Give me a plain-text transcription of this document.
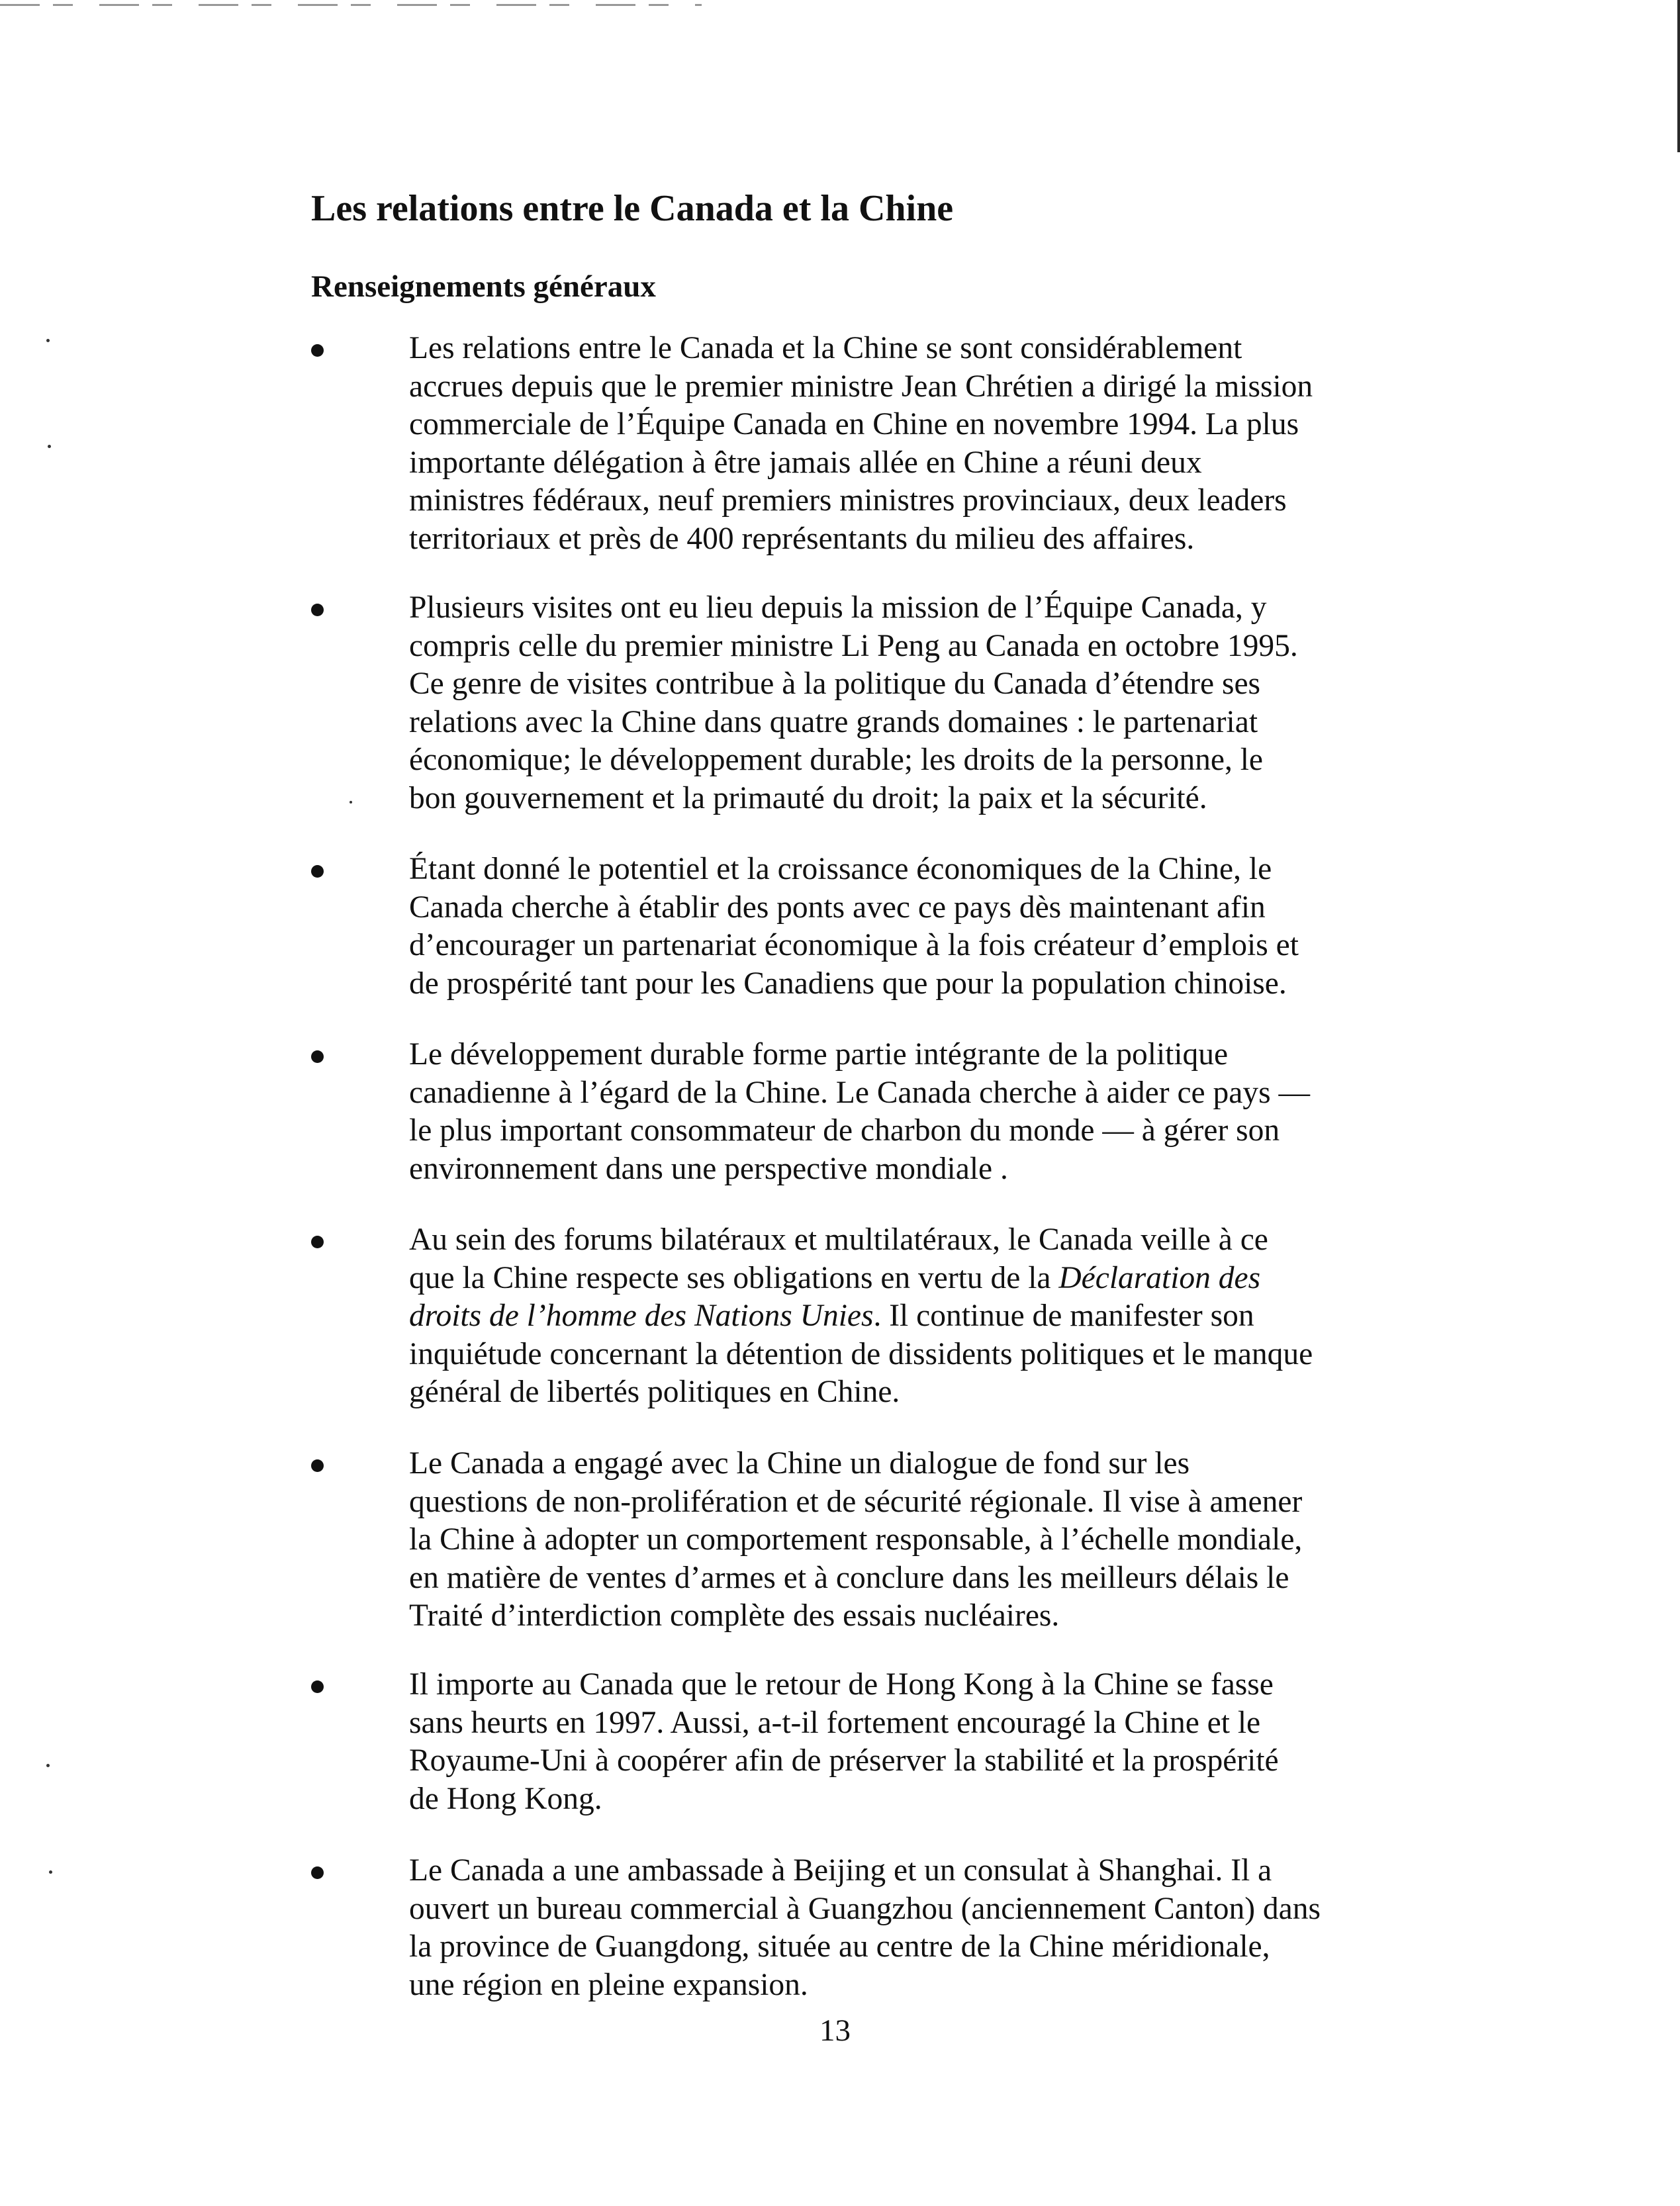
Les relations entre le Canada et la Chine
Renseignements généraux
Les relations entre le Canada et la Chine se sont considérablement
accrues depuis que le premier ministre Jean Chrétien a dirigé la mission
commerciale de l’Équipe Canada en Chine en novembre 1994. La plus
importante délégation à être jamais allée en Chine a réuni deux
ministres fédéraux, neuf premiers ministres provinciaux, deux leaders
territoriaux et près de 400 représentants du milieu des affaires.
Plusieurs visites ont eu lieu depuis la mission de l’Équipe Canada, y
compris celle du premier ministre Li Peng au Canada en octobre 1995.
Ce genre de visites contribue à la politique du Canada d’étendre ses
relations avec la Chine dans quatre grands domaines : le partenariat
économique; le développement durable; les droits de la personne, le
bon gouvernement et la primauté du droit; la paix et la sécurité.
Étant donné le potentiel et la croissance économiques de la Chine, le
Canada cherche à établir des ponts avec ce pays dès maintenant afin
d’encourager un partenariat économique à la fois créateur d’emplois et
de prospérité tant pour les Canadiens que pour la population chinoise.
Le développement durable forme partie intégrante de la politique
canadienne à l’égard de la Chine. Le Canada cherche à aider ce pays —
le plus important consommateur de charbon du monde — à gérer son
environnement dans une perspective mondiale .
Au sein des forums bilatéraux et multilatéraux, le Canada veille à ce
que la Chine respecte ses obligations en vertu de la Déclaration des
droits de l’homme des Nations Unies. Il continue de manifester son
inquiétude concernant la détention de dissidents politiques et le manque
général de libertés politiques en Chine.
Le Canada a engagé avec la Chine un dialogue de fond sur les
questions de non-prolifération et de sécurité régionale. Il vise à amener
la Chine à adopter un comportement responsable, à l’échelle mondiale,
en matière de ventes d’armes et à conclure dans les meilleurs délais le
Traité d’interdiction complète des essais nucléaires.
Il importe au Canada que le retour de Hong Kong à la Chine se fasse
sans heurts en 1997. Aussi, a-t-il fortement encouragé la Chine et le
Royaume-Uni à coopérer afin de préserver la stabilité et la prospérité
de Hong Kong.
Le Canada a une ambassade à Beijing et un consulat à Shanghai. Il a
ouvert un bureau commercial à Guangzhou (anciennement Canton) dans
la province de Guangdong, située au centre de la Chine méridionale,
une région en pleine expansion.
13
